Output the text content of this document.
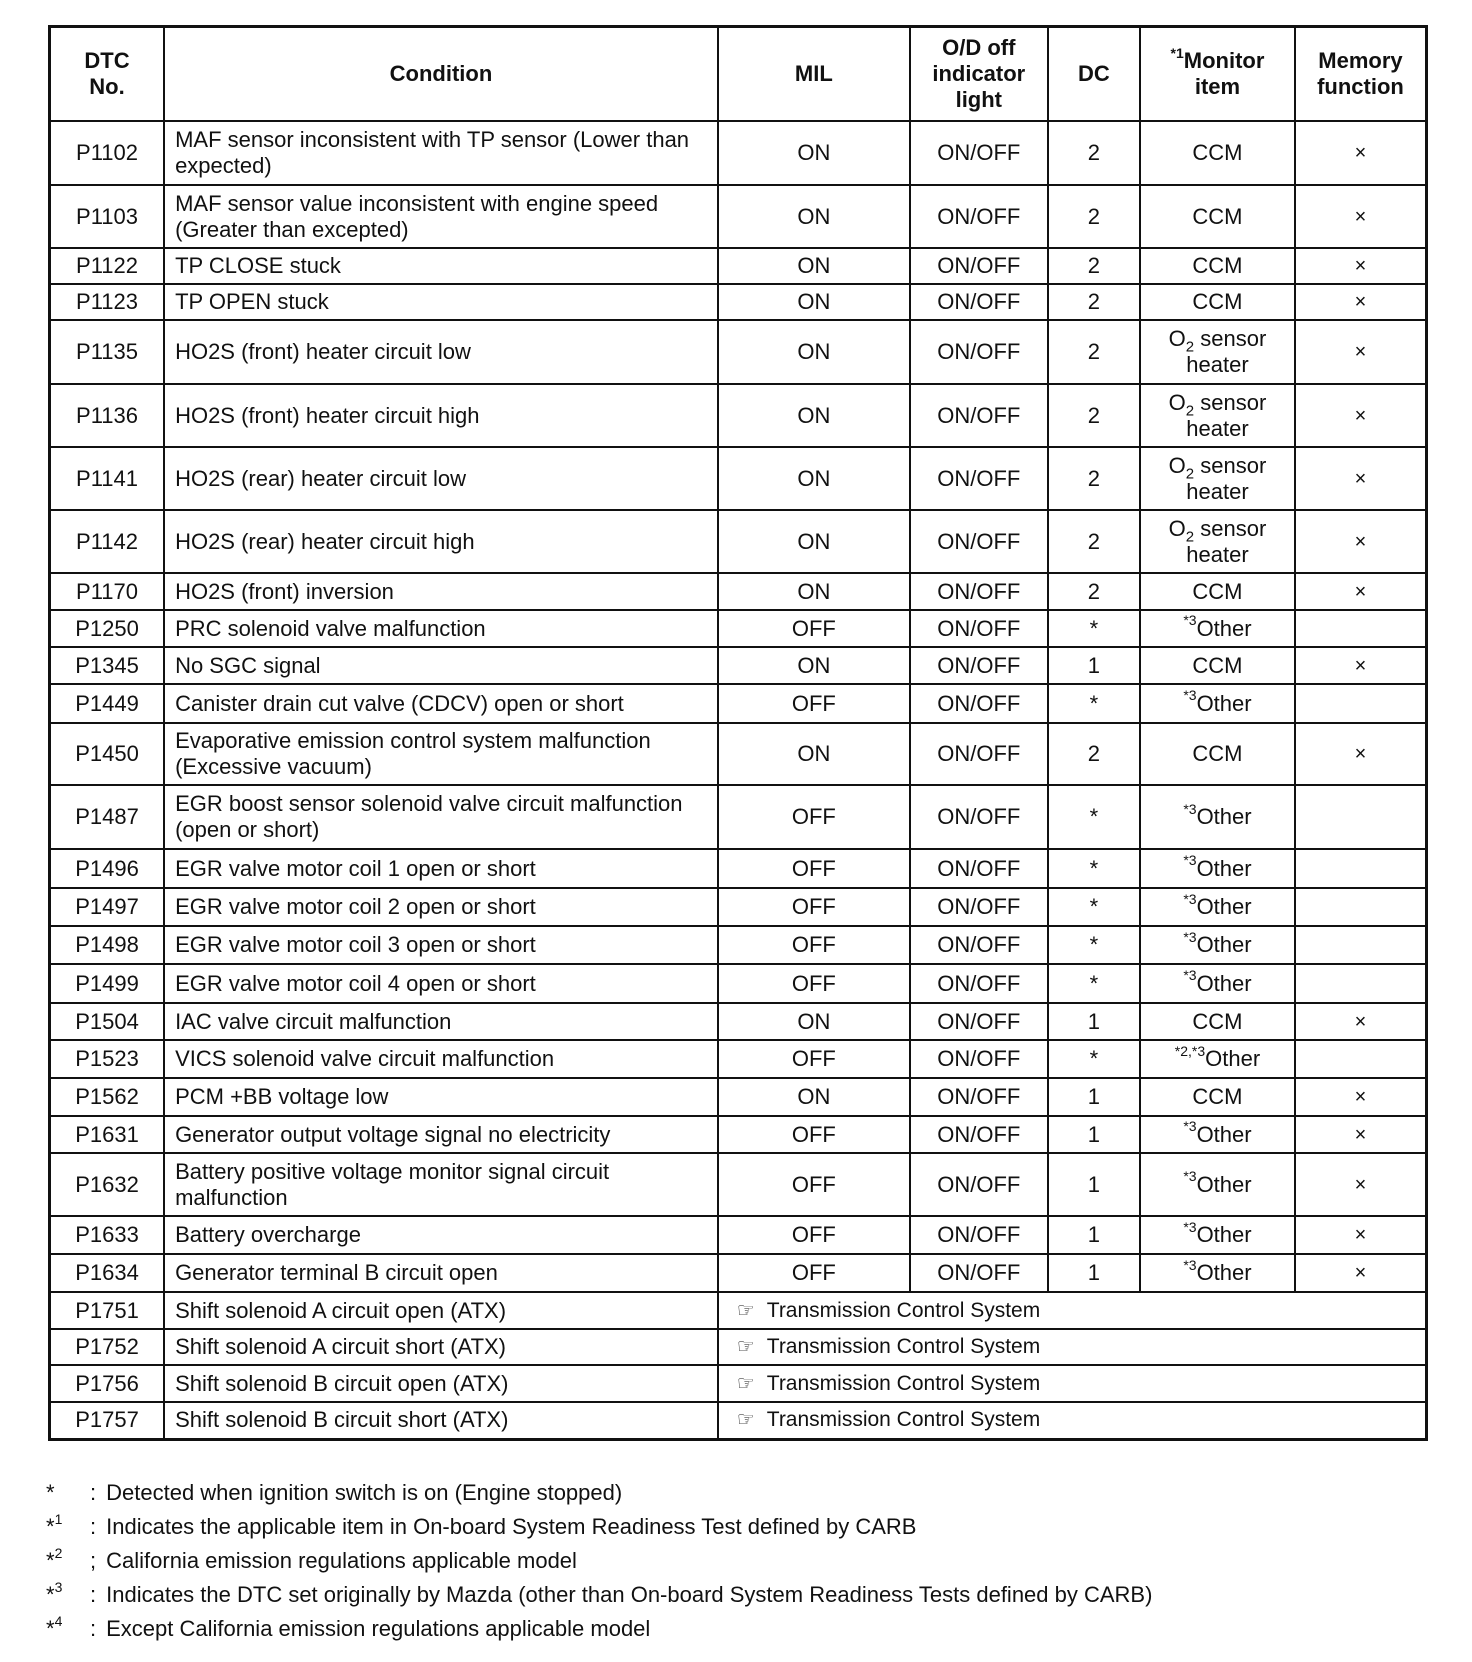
DTC No.	Condition	MIL	O/D off indicator light	DC	$^{*1}$Monitor item	Memory function
P1102	MAF sensor inconsistent with TP sensor (Lower than expected)	ON	ON/OFF	2	CCM	×
P1103	MAF sensor value inconsistent with engine speed (Greater than excepted)	ON	ON/OFF	2	CCM	×
P1122	TP CLOSE stuck	ON	ON/OFF	2	CCM	×
P1123	TP OPEN stuck	ON	ON/OFF	2	CCM	×
P1135	HO2S (front) heater circuit low	ON	ON/OFF	2	$O_2$ sensor heater	×
P1136	HO2S (front) heater circuit high	ON	ON/OFF	2	$O_2$ sensor heater	×
P1141	HO2S (rear) heater circuit low	ON	ON/OFF	2	$O_2$ sensor heater	×
P1142	HO2S (rear) heater circuit high	ON	ON/OFF	2	$O_2$ sensor heater	×
P1170	HO2S (front) inversion	ON	ON/OFF	2	CCM	×
P1250	PRC solenoid valve malfunction	OFF	ON/OFF	*	$^{*3}$Other	
P1345	No SGC signal	ON	ON/OFF	1	CCM	×
P1449	Canister drain cut valve (CDCV) open or short	OFF	ON/OFF	*	$^{*3}$Other	
P1450	Evaporative emission control system malfunction (Excessive vacuum)	ON	ON/OFF	2	CCM	×
P1487	EGR boost sensor solenoid valve circuit malfunction (open or short)	OFF	ON/OFF	*	$^{*3}$Other	
P1496	EGR valve motor coil 1 open or short	OFF	ON/OFF	*	$^{*3}$Other	
P1497	EGR valve motor coil 2 open or short	OFF	ON/OFF	*	$^{*3}$Other	
P1498	EGR valve motor coil 3 open or short	OFF	ON/OFF	*	$^{*3}$Other	
P1499	EGR valve motor coil 4 open or short	OFF	ON/OFF	*	$^{*3}$Other	
P1504	IAC valve circuit malfunction	ON	ON/OFF	1	CCM	×
P1523	VICS solenoid valve circuit malfunction	OFF	ON/OFF	*	$^{*2,*3}$Other	
P1562	PCM +BB voltage low	ON	ON/OFF	1	CCM	×
P1631	Generator output voltage signal no electricity	OFF	ON/OFF	1	$^{*3}$Other	×
P1632	Battery positive voltage monitor signal circuit malfunction	OFF	ON/OFF	1	$^{*3}$Other	×
P1633	Battery overcharge	OFF	ON/OFF	1	$^{*3}$Other	×
P1634	Generator terminal B circuit open	OFF	ON/OFF	1	$^{*3}$Other	×
P1751	Shift solenoid A circuit open (ATX)	☞ Transmission Control System				
P1752	Shift solenoid A circuit short (ATX)	☞ Transmission Control System				
P1756	Shift solenoid B circuit open (ATX)	☞ Transmission Control System				
P1757	Shift solenoid B circuit short (ATX)	☞ Transmission Control System				
*	: Detected when ignition switch is on (Engine stopped)
*$^1$	: Indicates the applicable item in On-board System Readiness Test defined by CARB
*$^2$	; California emission regulations applicable model
*$^3$	: Indicates the DTC set originally by Mazda (other than On-board System Readiness Tests defined by CARB)
*$^4$	: Except California emission regulations applicable model
